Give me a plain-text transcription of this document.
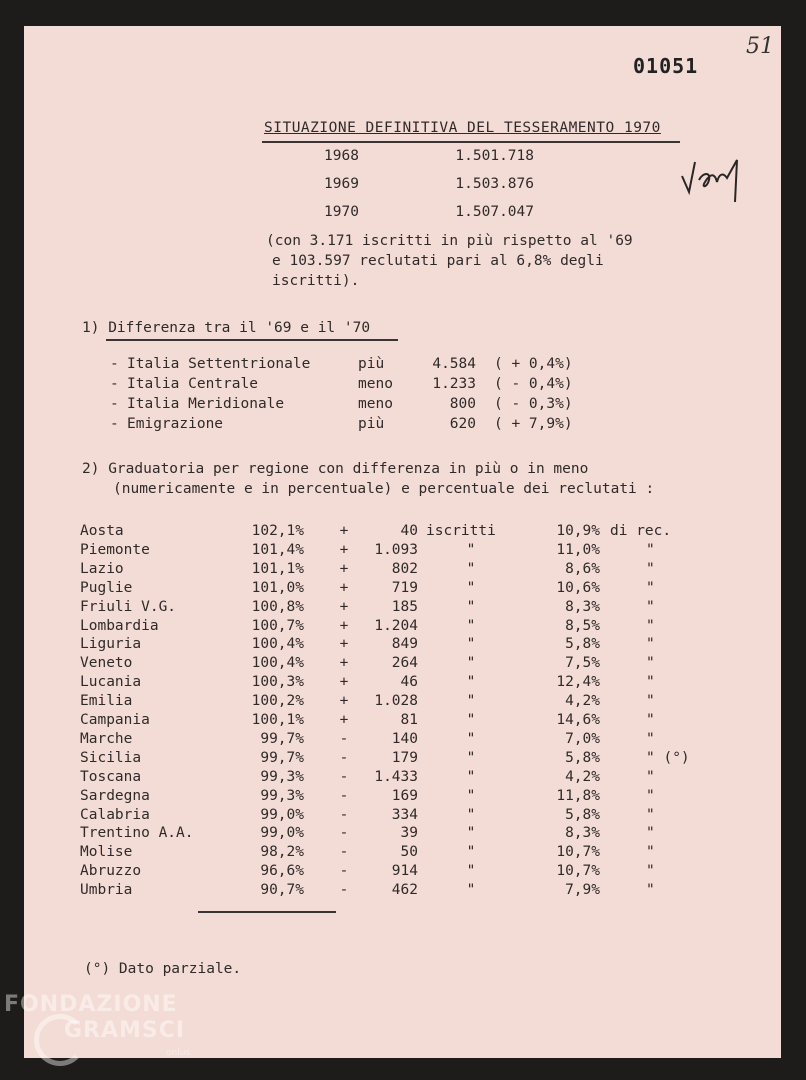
01051
51
SITUAZIONE DEFINITIVA DEL TESSERAMENTO 1970
1968	1.501.718
1969	1.503.876
1970	1.507.047
(con 3.171 iscritti in più rispetto al '69
e 103.597 reclutati pari al 6,8% degli
iscritti).
1) Differenza tra il '69 e il '70
- Italia Settentrionale	più	4.584 ( + 0,4%)
- Italia Centrale	meno	1.233 ( - 0,4%)
- Italia Meridionale	meno	800 ( - 0,3%)
- Emigrazione	più	620 ( + 7,9%)
2) Graduatoria per regione con differenza in più o in meno
(numericamente e in percentuale) e percentuale dei reclutati :
Aosta	102,1%	+	40 iscritti	10,9% di rec.
Piemonte	101,4%	+	1.093	"	11,0%	"
Lazio	101,1%	+	802	"	8,6%	"
Puglie	101,0%	+	719	"	10,6%	"
Friuli V.G.	100,8%	+	185	"	8,3%	"
Lombardia	100,7%	+	1.204	"	8,5%	"
Liguria	100,4%	+	849	"	5,8%	"
Veneto	100,4%	+	264	"	7,5%	"
Lucania	100,3%	+	46	"	12,4%	"
Emilia	100,2%	+	1.028	"	4,2%	"
Campania	100,1%	+	81	"	14,6%	"
Marche	99,7%	-	140	"	7,0%	"
Sicilia	99,7%	-	179	"	5,8%	" (°)
Toscana	99,3%	-	1.433	"	4,2%	"
Sardegna	99,3%	-	169	"	11,8%	"
Calabria	99,0%	-	334	"	5,8%	"
Trentino A.A.	99,0%	-	39	"	8,3%	"
Molise	98,2%	-	50	"	10,7%	"
Abruzzo	96,6%	-	914	"	10,7%	"
Umbria	90,7%	-	462	"	7,9%	"
(°) Dato parziale.
FONDAZIONE
GRAMSCI
onlus
